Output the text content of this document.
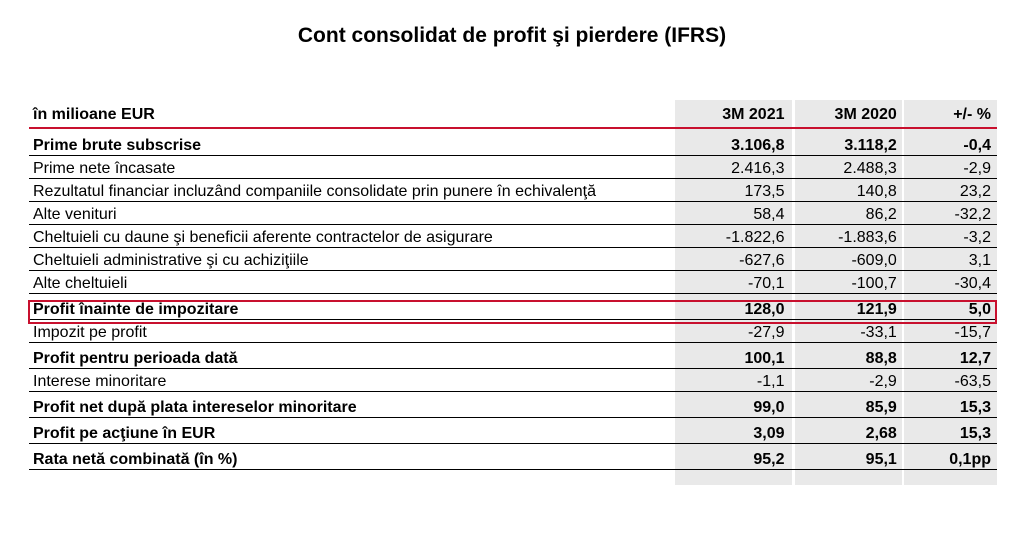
Cont consolidat de profit şi pierdere (IFRS)
în milioane EUR	3M 2021	3M 2020	+/- %
Prime brute subscrise	3.106,8	3.118,2	-0,4
Prime nete încasate	2.416,3	2.488,3	-2,9
Rezultatul financiar incluzând companiile consolidate prin punere în echivalenţă	173,5	140,8	23,2
Alte venituri	58,4	86,2	-32,2
Cheltuieli cu daune şi beneficii aferente contractelor de asigurare	-1.822,6	-1.883,6	-3,2
Cheltuieli administrative şi cu achiziţiile	-627,6	-609,0	3,1
Alte cheltuieli	-70,1	-100,7	-30,4
Profit înainte de impozitare	128,0	121,9	5,0
Impozit pe profit	-27,9	-33,1	-15,7
Profit pentru perioada dată	100,1	88,8	12,7
Interese minoritare	-1,1	-2,9	-63,5
Profit net după plata intereselor minoritare	99,0	85,9	15,3
Profit pe acţiune în EUR	3,09	2,68	15,3
Rata netă combinată (în %)	95,2	95,1	0,1pp
